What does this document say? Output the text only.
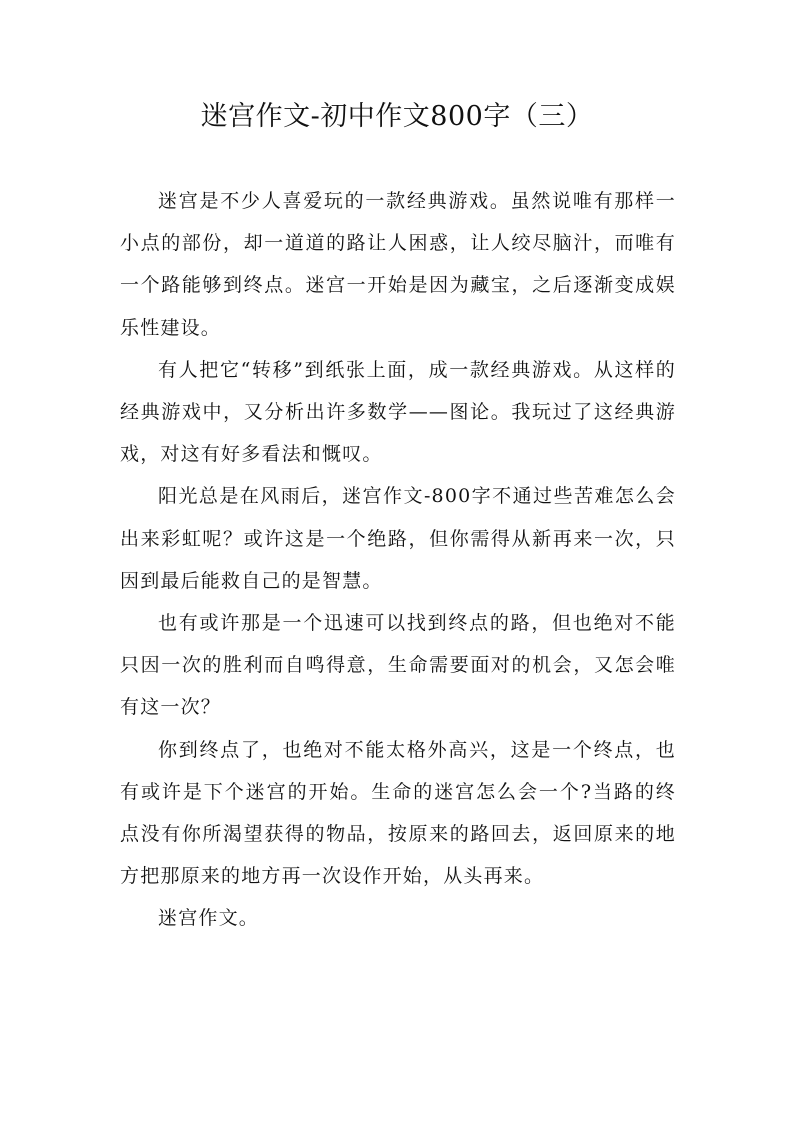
迷宫作文-初中作文800字（三）

迷宫是不少人喜爱玩的一款经典游戏。虽然说唯有那样一小点的部份，却一道道的路让人困惑，让人绞尽脑汁，而唯有一个路能够到终点。迷宫一开始是因为藏宝，之后逐渐变成娱乐性建设。

有人把它“转移”到纸张上面，成一款经典游戏。从这样的经典游戏中，又分析出许多数学——图论。我玩过了这经典游戏，对这有好多看法和慨叹。

阳光总是在风雨后，迷宫作文-800字不通过些苦难怎么会出来彩虹呢？或许这是一个绝路，但你需得从新再来一次，只因到最后能救自己的是智慧。

也有或许那是一个迅速可以找到终点的路，但也绝对不能只因一次的胜利而自鸣得意，生命需要面对的机会，又怎会唯有这一次？

你到终点了，也绝对不能太格外高兴，这是一个终点，也有或许是下个迷宫的开始。生命的迷宫怎么会一个?当路的终点没有你所渴望获得的物品，按原来的路回去，返回原来的地方把那原来的地方再一次设作开始，从头再来。

迷宫作文。
